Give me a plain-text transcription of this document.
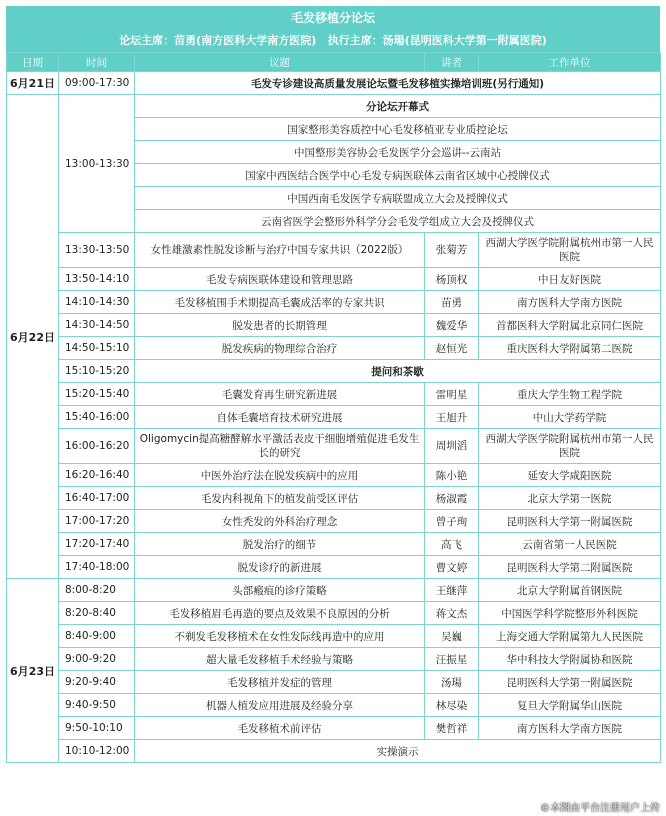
毛发移植分论坛
论坛主席：苗勇(南方医科大学南方医院)   执行主席：汤瑒(昆明医科大学第一附属医院)
日期	时间	议题	讲者	工作单位
6月21日	09:00-17:30	毛发专诊建设高质量发展论坛暨毛发移植实操培训班(另行通知)		
6月22日	13:00-13:30	分论坛开幕式		
		国家整形美容质控中心毛发移植亚专业质控论坛		
		中国整形美容协会毛发医学分会巡讲--云南站		
		国家中西医结合医学中心毛发专病医联体云南省区域中心授牌仪式		
		中国西南毛发医学专病联盟成立大会及授牌仪式		
		云南省医学会整形外科学分会毛发学组成立大会及授牌仪式		
	13:30-13:50	女性雄激素性脱发诊断与治疗中国专家共识（2022版）	张菊芳	西湖大学医学院附属杭州市第一人民医院
	13:50-14:10	毛发专病医联体建设和管理思路	杨顶权	中日友好医院
	14:10-14:30	毛发移植围手术期提高毛囊成活率的专家共识	苗勇	南方医科大学南方医院
	14:30-14:50	脱发患者的长期管理	魏爱华	首都医科大学附属北京同仁医院
	14:50-15:10	脱发疾病的物理综合治疗	赵恒光	重庆医科大学附属第二医院
	15:10-15:20	提问和茶歇		
	15:20-15:40	毛囊发育再生研究新进展	雷明星	重庆大学生物工程学院
	15:40-16:00	自体毛囊培育技术研究进展	王旭升	中山大学药学院
	16:00-16:20	Oligomycin提高糖酵解水平激活表皮干细胞增殖促进毛发生长的研究	周圳滔	西湖大学医学院附属杭州市第一人民医院
	16:20-16:40	中医外治疗法在脱发疾病中的应用	陈小艳	延安大学咸阳医院
	16:40-17:00	毛发内科视角下的植发前受区评估	杨淑霞	北京大学第一医院
	17:00-17:20	女性秃发的外科治疗理念	曾子珣	昆明医科大学第一附属医院
	17:20-17:40	脱发治疗的细节	高飞	云南省第一人民医院
	17:40-18:00	脱发诊疗的新进展	曹文婷	昆明医科大学第二附属医院
6月23日	8:00-8:20	头部瘢痕的诊疗策略	王继萍	北京大学附属首钢医院
	8:20-8:40	毛发移植眉毛再造的要点及效果不良原因的分析	蒋文杰	中国医学科学院整形外科医院
	8:40-9:00	不剃发毛发移植术在女性发际线再造中的应用	吴巍	上海交通大学附属第九人民医院
	9:00-9:20	超大量毛发移植手术经验与策略	汪振星	华中科技大学附属协和医院
	9:20-9:40	毛发移植并发症的管理	汤瑒	昆明医科大学第一附属医院
	9:40-9:50	机器人植发应用进展及经验分享	林尽染	复旦大学附属华山医院
	9:50-10:10	毛发移植术前评估	樊哲祥	南方医科大学南方医院
	10:10-12:00	实操演示		
©本图由平台注册用户上传
